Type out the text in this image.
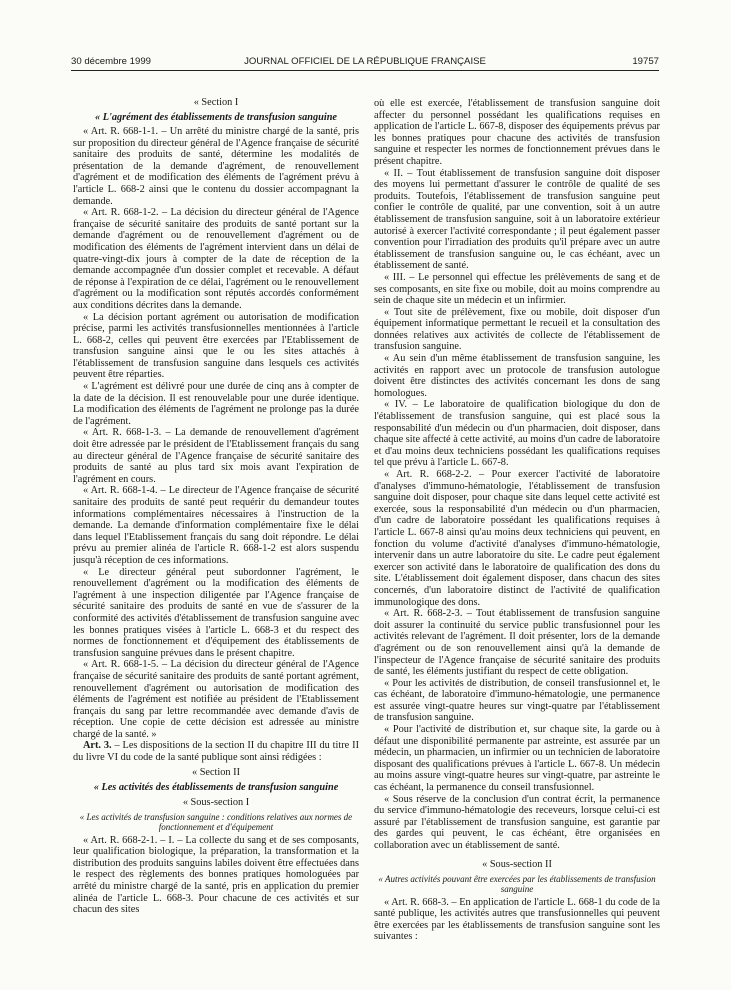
30 décembre 1999	JOURNAL OFFICIEL DE LA RÉPUBLIQUE FRANÇAISE	19757
« Section I
« L'agrément des établissements de transfusion sanguine

« Art. R. 668-1-1. – Un arrêté du ministre chargé de la santé, pris sur proposition du directeur général de l'Agence française de sécurité sanitaire des produits de santé, détermine les modalités de présentation de la demande d'agrément, de renouvellement d'agrément et de modification des éléments de l'agrément prévu à l'article L. 668-2 ainsi que le contenu du dossier accompagnant la demande.

« Art. R. 668-1-2. – La décision du directeur général de l'Agence française de sécurité sanitaire des produits de santé portant sur la demande d'agrément ou de renouvellement d'agrément ou de modification des éléments de l'agrément intervient dans un délai de quatre-vingt-dix jours à compter de la date de réception de la demande accompagnée d'un dossier complet et recevable. A défaut de réponse à l'expiration de ce délai, l'agrément ou le renouvellement d'agrément ou la modification sont réputés accordés conformément aux conditions décrites dans la demande.

« La décision portant agrément ou autorisation de modification précise, parmi les activités transfusionnelles mentionnées à l'article L. 668-2, celles qui peuvent être exercées par l'Etablissement de transfusion sanguine ainsi que le ou les sites attachés à l'établissement de transfusion sanguine dans lesquels ces activités peuvent être réparties.

« L'agrément est délivré pour une durée de cinq ans à compter de la date de la décision. Il est renouvelable pour une durée identique. La modification des éléments de l'agrément ne prolonge pas la durée de l'agrément.

« Art. R. 668-1-3. – La demande de renouvellement d'agrément doit être adressée par le président de l'Etablissement français du sang au directeur général de l'Agence française de sécurité sanitaire des produits de santé au plus tard six mois avant l'expiration de l'agrément en cours.

« Art. R. 668-1-4. – Le directeur de l'Agence française de sécurité sanitaire des produits de santé peut requérir du demandeur toutes informations complémentaires nécessaires à l'instruction de la demande. La demande d'information complémentaire fixe le délai dans lequel l'Etablissement français du sang doit répondre. Le délai prévu au premier alinéa de l'article R. 668-1-2 est alors suspendu jusqu'à réception de ces informations.

« Le directeur général peut subordonner l'agrément, le renouvellement d'agrément ou la modification des éléments de l'agrément à une inspection diligentée par l'Agence française de sécurité sanitaire des produits de santé en vue de s'assurer de la conformité des activités d'établissement de transfusion sanguine avec les bonnes pratiques visées à l'article L. 668-3 et du respect des normes de fonctionnement et d'équipement des établissements de transfusion sanguine prévues dans le présent chapitre.

« Art. R. 668-1-5. – La décision du directeur général de l'Agence française de sécurité sanitaire des produits de santé portant agrément, renouvellement d'agrément ou autorisation de modification des éléments de l'agrément est notifiée au président de l'Etablissement français du sang par lettre recommandée avec demande d'avis de réception. Une copie de cette décision est adressée au ministre chargé de la santé. »

Art. 3. – Les dispositions de la section II du chapitre III du titre II du livre VI du code de la santé publique sont ainsi rédigées :

« Section II
« Les activités des établissements de transfusion sanguine
« Sous-section I
« Les activités de transfusion sanguine : conditions relatives aux normes de fonctionnement et d'équipement

« Art. R. 668-2-1. – I. – La collecte du sang et de ses composants, leur qualification biologique, la préparation, la transformation et la distribution des produits sanguins labiles doivent être effectuées dans le respect des règlements des bonnes pratiques homologuées par arrêté du ministre chargé de la santé, pris en application du premier alinéa de l'article L. 668-3. Pour chacune de ces activités et sur chacun des sites

où elle est exercée, l'établissement de transfusion sanguine doit affecter du personnel possédant les qualifications requises en application de l'article L. 667-8, disposer des équipements prévus par les bonnes pratiques pour chacune des activités de transfusion sanguine et respecter les normes de fonctionnement prévues dans le présent chapitre.

« II. – Tout établissement de transfusion sanguine doit disposer des moyens lui permettant d'assurer le contrôle de qualité de ses produits. Toutefois, l'établissement de transfusion sanguine peut confier le contrôle de qualité, par une convention, soit à un autre établissement de transfusion sanguine, soit à un laboratoire extérieur autorisé à exercer l'activité correspondante ; il peut également passer convention pour l'irradiation des produits qu'il prépare avec un autre établissement de transfusion sanguine ou, le cas échéant, avec un établissement de santé.

« III. – Le personnel qui effectue les prélèvements de sang et de ses composants, en site fixe ou mobile, doit au moins comprendre au sein de chaque site un médecin et un infirmier.

« Tout site de prélèvement, fixe ou mobile, doit disposer d'un équipement informatique permettant le recueil et la consultation des données relatives aux activités de collecte de l'établissement de transfusion sanguine.

« Au sein d'un même établissement de transfusion sanguine, les activités en rapport avec un protocole de transfusion autologue doivent être distinctes des activités concernant les dons de sang homologues.

« IV. – Le laboratoire de qualification biologique du don de l'établissement de transfusion sanguine, qui est placé sous la responsabilité d'un médecin ou d'un pharmacien, doit disposer, dans chaque site affecté à cette activité, au moins d'un cadre de laboratoire et d'au moins deux techniciens possédant les qualifications requises tel que prévu à l'article L. 667-8.

« Art. R. 668-2-2. – Pour exercer l'activité de laboratoire d'analyses d'immuno-hématologie, l'établissement de transfusion sanguine doit disposer, pour chaque site dans lequel cette activité est exercée, sous la responsabilité d'un médecin ou d'un pharmacien, d'un cadre de laboratoire possédant les qualifications requises à l'article L. 667-8 ainsi qu'au moins deux techniciens qui peuvent, en fonction du volume d'activité d'analyses d'immuno-hématologie, intervenir dans un autre laboratoire du site. Le cadre peut également exercer son activité dans le laboratoire de qualification des dons du site. L'établissement doit également disposer, dans chacun des sites concernés, d'un laboratoire distinct de l'activité de qualification immunologique des dons.

« Art. R. 668-2-3. – Tout établissement de transfusion sanguine doit assurer la continuité du service public transfusionnel pour les activités relevant de l'agrément. Il doit présenter, lors de la demande d'agrément ou de son renouvellement ainsi qu'à la demande de l'inspecteur de l'Agence française de sécurité sanitaire des produits de santé, les éléments justifiant du respect de cette obligation.

« Pour les activités de distribution, de conseil transfusionnel et, le cas échéant, de laboratoire d'immuno-hématologie, une permanence est assurée vingt-quatre heures sur vingt-quatre par l'établissement de transfusion sanguine.

« Pour l'activité de distribution et, sur chaque site, la garde ou à défaut une disponibilité permanente par astreinte, est assurée par un médecin, un pharmacien, un infirmier ou un technicien de laboratoire disposant des qualifications prévues à l'article L. 667-8. Un médecin au moins assure vingt-quatre heures sur vingt-quatre, par astreinte le cas échéant, la permanence du conseil transfusionnel.

« Sous réserve de la conclusion d'un contrat écrit, la permanence du service d'immuno-hématologie des receveurs, lorsque celui-ci est assuré par l'établissement de transfusion sanguine, est garantie par des gardes qui peuvent, le cas échéant, être organisées en collaboration avec un établissement de santé.

« Sous-section II
« Autres activités pouvant être exercées par les établissements de transfusion sanguine

« Art. R. 668-3. – En application de l'article L. 668-1 du code de la santé publique, les activités autres que transfusionnelles qui peuvent être exercées par les établissements de transfusion sanguine sont les suivantes :
